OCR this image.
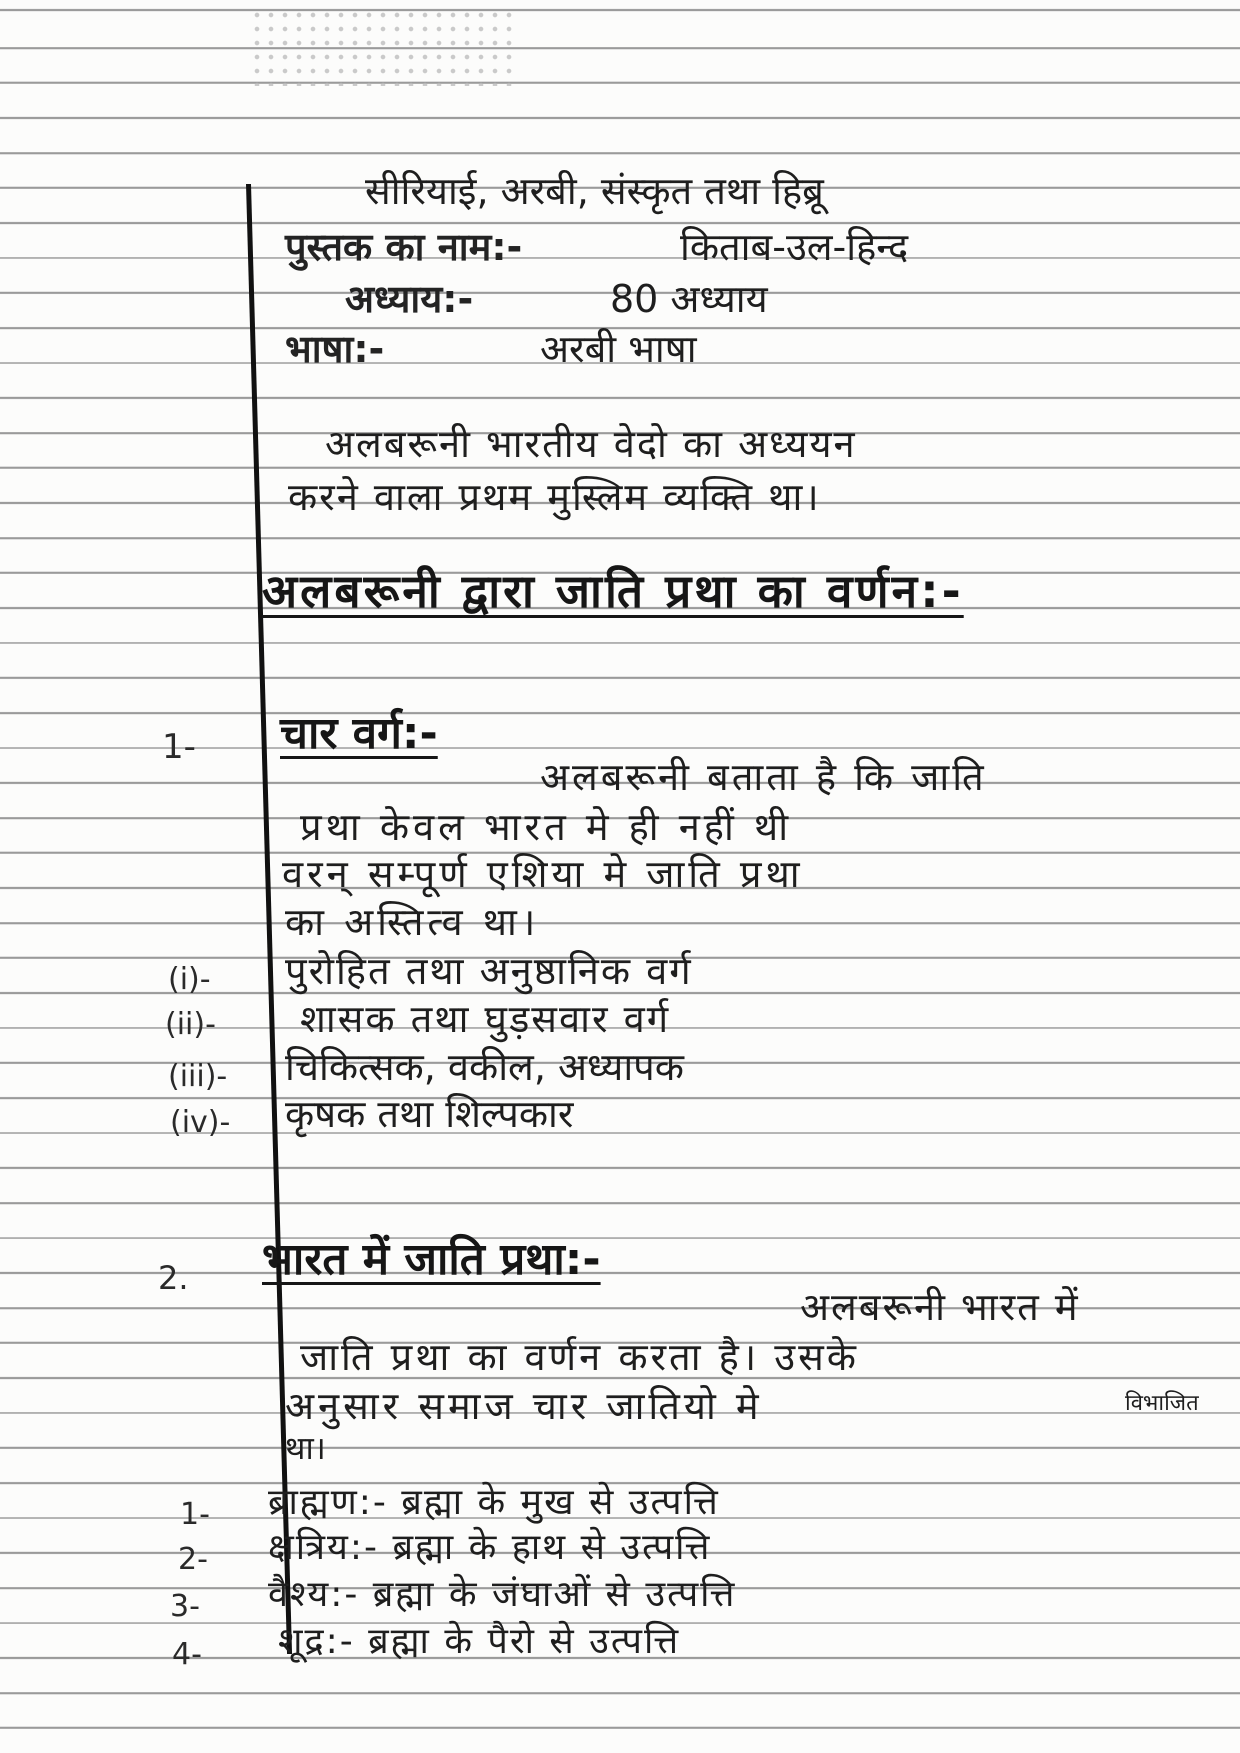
सीरियाई, अरबी, संस्कृत तथा हिब्रू
पुस्तक का नाम:-	किताब-उल-हिन्द
अध्याय:-	80 अध्याय
भाषा:-	अरबी भाषा
अलबरूनी भारतीय वेदो का अध्ययन
करने वाला प्रथम मुस्लिम व्यक्ति था।
अलबरूनी द्वारा जाति प्रथा का वर्णन:-
1- चार वर्ग:-
अलबरूनी बताता है कि जाति
प्रथा केवल भारत मे ही नहीं थी
वरन् सम्पूर्ण एशिया मे जाति प्रथा
का अस्तित्व था।
(i)- पुरोहित तथा अनुष्ठानिक वर्ग
(ii)- शासक तथा घुड़सवार वर्ग
(iii)- चिकित्सक, वकील, अध्यापक
(iv)- कृषक तथा शिल्पकार
2. भारत में जाति प्रथा:-
अलबरूनी भारत में
जाति प्रथा का वर्णन करता है। उसके
अनुसार समाज चार जातियो मे	विभाजित
था।
1- ब्राह्मण:- ब्रह्मा के मुख से उत्पत्ति
2- क्षत्रिय:- ब्रह्मा के हाथ से उत्पत्ति
3- वैश्य:- ब्रह्मा के जंघाओं से उत्पत्ति
4- शूद्र:- ब्रह्मा के पैरो से उत्पत्ति
